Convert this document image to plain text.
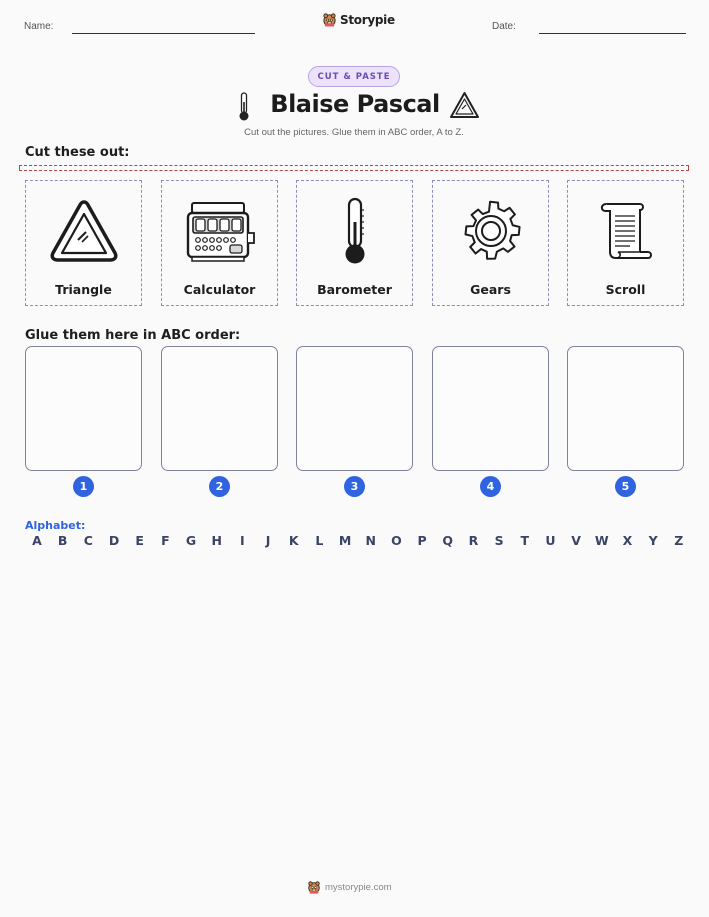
Name:	Storypie	Date:
CUT & PASTE
Blaise Pascal
Cut out the pictures. Glue them in ABC order, A to Z.
Cut these out:
Triangle	Calculator	Barometer	Gears	Scroll
Glue them here in ABC order:
1	2	3	4	5
Alphabet:
A	B	C	D	E	F	G	H	I	J	K	L	M	N	O	P	Q	R	S	T	U	V	W	X	Y	Z
mystorypie.com
